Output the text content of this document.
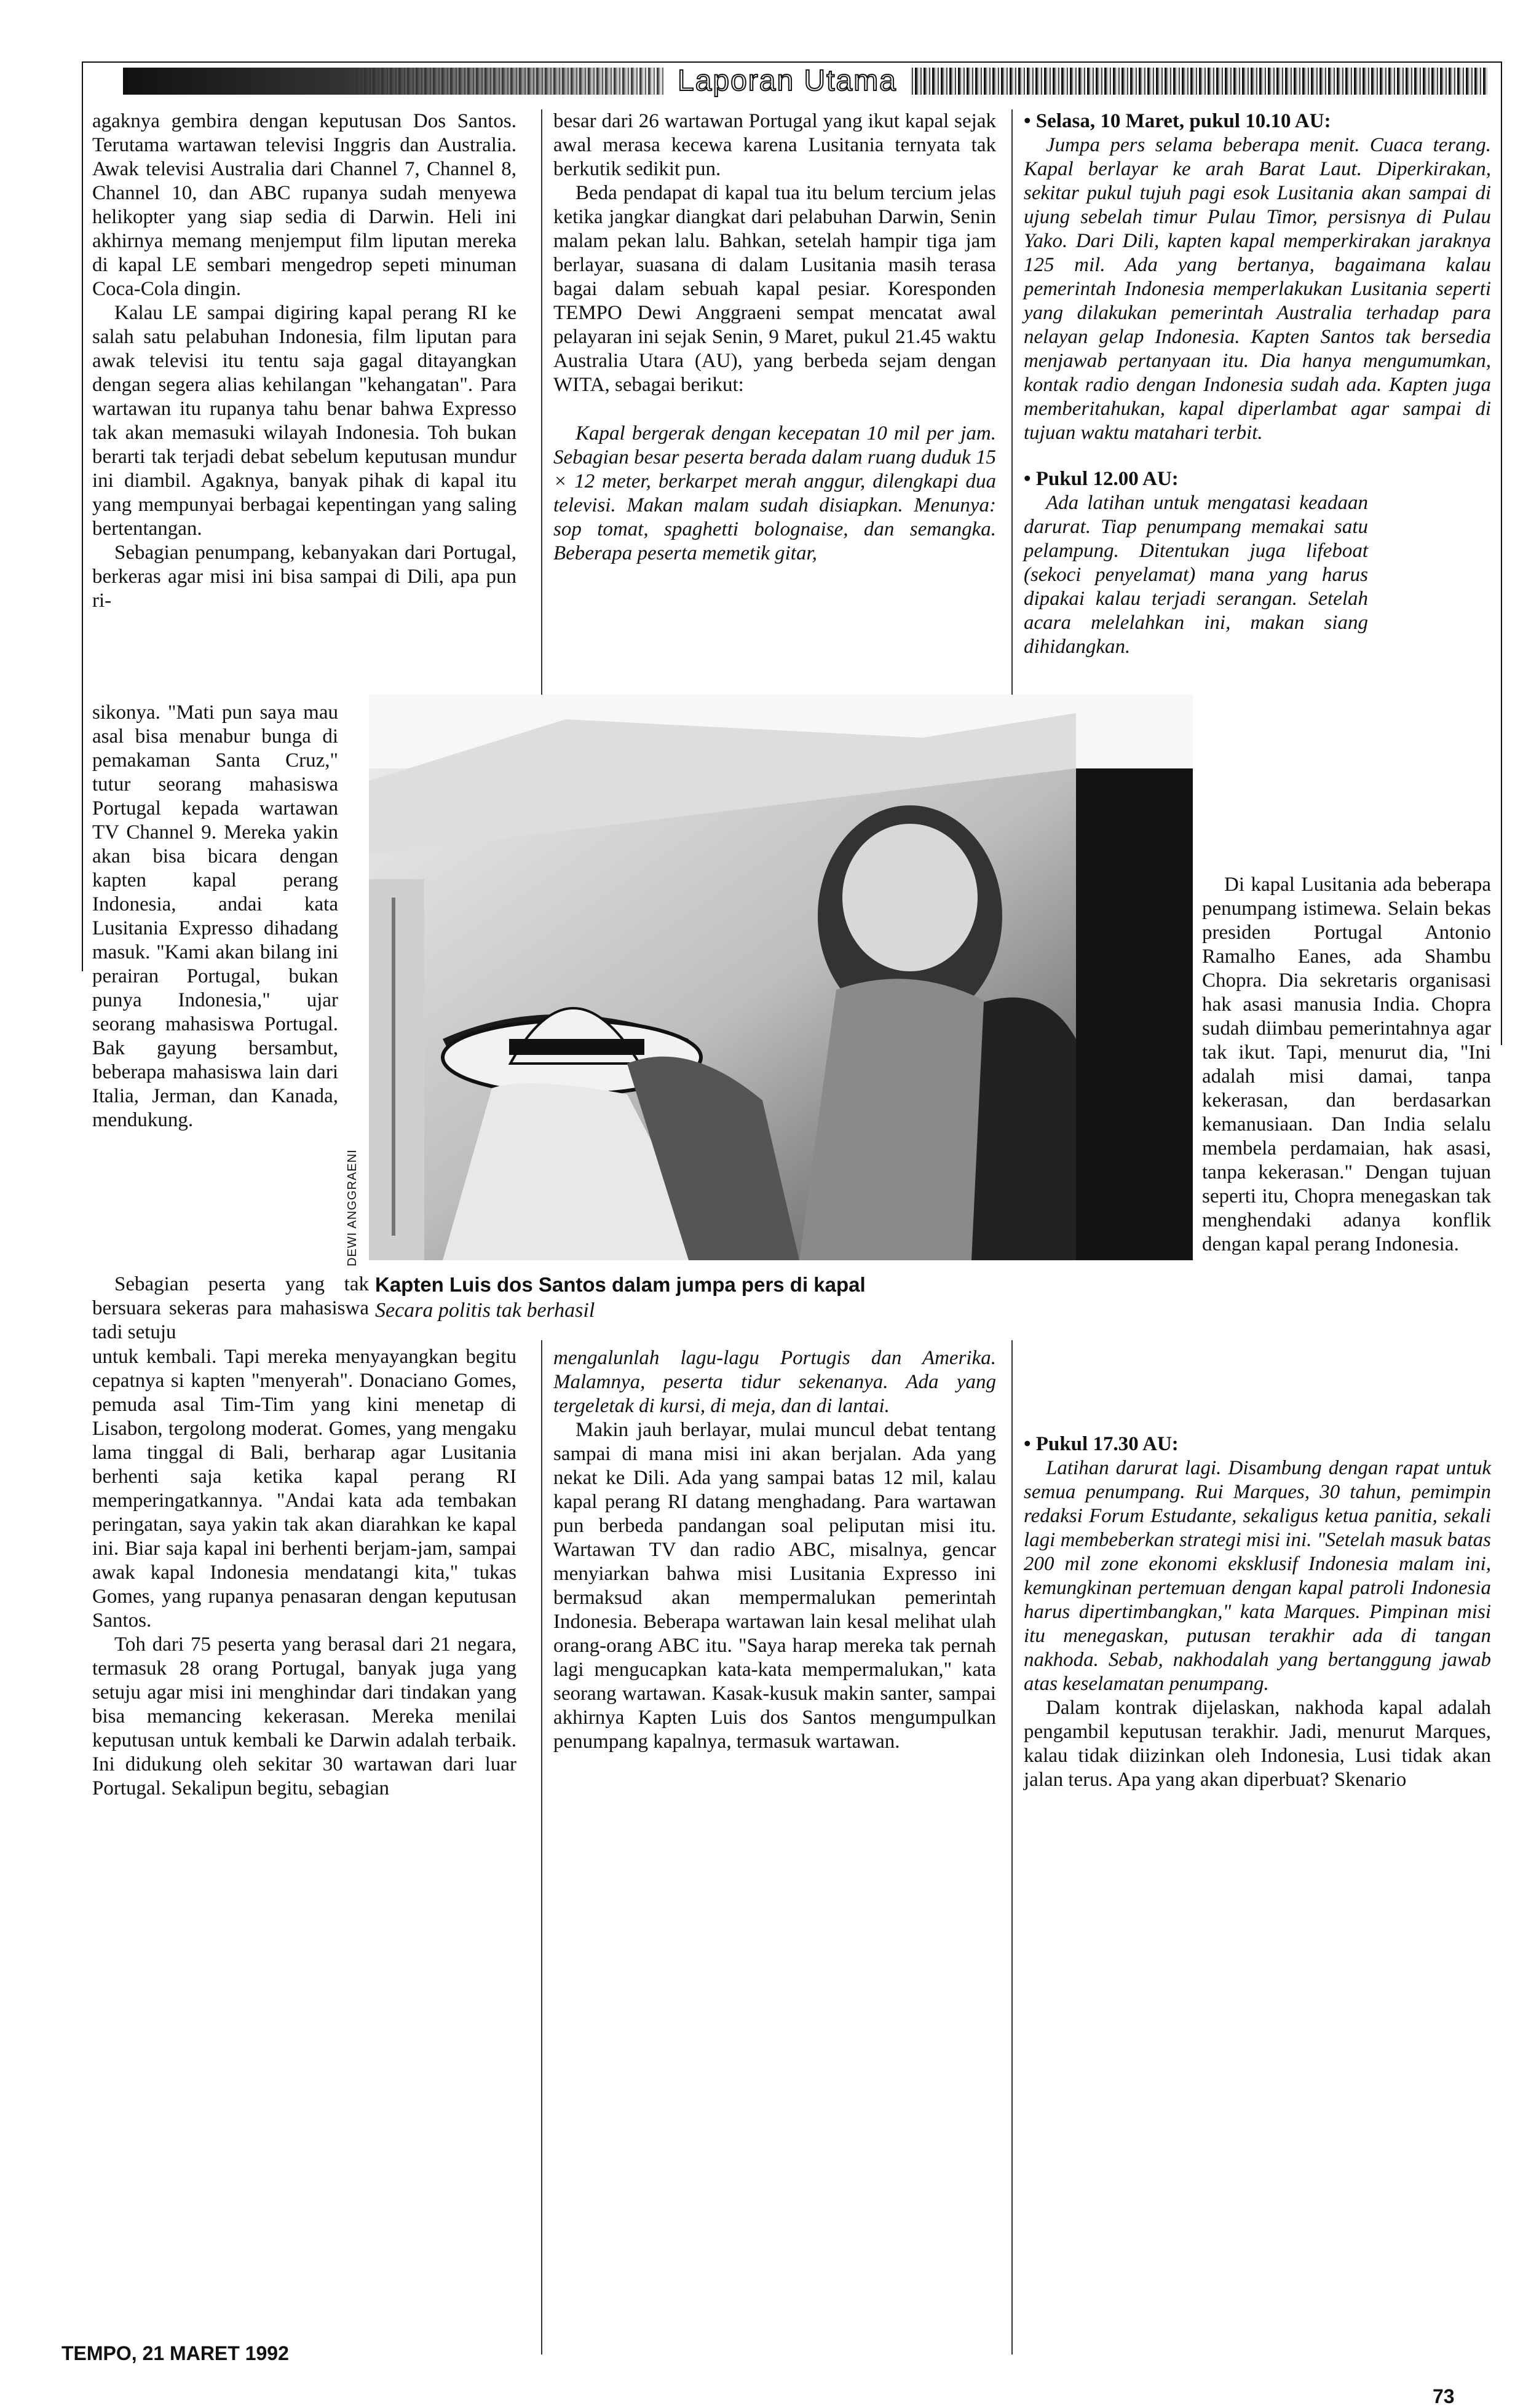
Laporan Utama

agaknya gembira dengan keputusan Dos Santos. Terutama wartawan televisi Inggris dan Australia. Awak televisi Australia dari Channel 7, Channel 8, Channel 10, dan ABC rupanya sudah menyewa helikopter yang siap sedia di Darwin. Heli ini akhirnya memang menjemput film liputan mereka di kapal LE sembari mengedrop sepeti minuman Coca-Cola dingin.

Kalau LE sampai digiring kapal perang RI ke salah satu pelabuhan Indonesia, film liputan para awak televisi itu tentu saja gagal ditayangkan dengan segera alias kehilangan "kehangatan". Para wartawan itu rupanya tahu benar bahwa Expresso tak akan memasuki wilayah Indonesia. Toh bukan berarti tak terjadi debat sebelum keputusan mundur ini diambil. Agaknya, banyak pihak di kapal itu yang mempunyai berbagai kepentingan yang saling bertentangan.

Sebagian penumpang, kebanyakan dari Portugal, berkeras agar misi ini bisa sampai di Dili, apa pun ri-

sikonya. "Mati pun saya mau asal bisa menabur bunga di pemakaman Santa Cruz," tutur seorang mahasiswa Portugal kepada wartawan TV Channel 9. Mereka yakin akan bisa bicara dengan kapten kapal perang Indonesia, andai kata Lusitania Expresso dihadang masuk. "Kami akan bilang ini perairan Portugal, bukan punya Indonesia," ujar seorang mahasiswa Portugal. Bak gayung bersambut, beberapa mahasiswa lain dari Italia, Jerman, dan Kanada, mendukung.

Sebagian peserta yang tak bersuara sekeras para mahasiswa tadi setuju

untuk kembali. Tapi mereka menyayangkan begitu cepatnya si kapten "menyerah". Donaciano Gomes, pemuda asal Tim-Tim yang kini menetap di Lisabon, tergolong moderat. Gomes, yang mengaku lama tinggal di Bali, berharap agar Lusitania berhenti saja ketika kapal perang RI memperingatkannya. "Andai kata ada tembakan peringatan, saya yakin tak akan diarahkan ke kapal ini. Biar saja kapal ini berhenti berjam-jam, sampai awak kapal Indonesia mendatangi kita," tukas Gomes, yang rupanya penasaran dengan keputusan Santos.

Toh dari 75 peserta yang berasal dari 21 negara, termasuk 28 orang Portugal, banyak juga yang setuju agar misi ini menghindar dari tindakan yang bisa memancing kekerasan. Mereka menilai keputusan untuk kembali ke Darwin adalah terbaik. Ini didukung oleh sekitar 30 wartawan dari luar Portugal. Sekalipun begitu, sebagian

besar dari 26 wartawan Portugal yang ikut kapal sejak awal merasa kecewa karena Lusitania ternyata tak berkutik sedikit pun.

Beda pendapat di kapal tua itu belum tercium jelas ketika jangkar diangkat dari pelabuhan Darwin, Senin malam pekan lalu. Bahkan, setelah hampir tiga jam berlayar, suasana di dalam Lusitania masih terasa bagai dalam sebuah kapal pesiar. Koresponden TEMPO Dewi Anggraeni sempat mencatat awal pelayaran ini sejak Senin, 9 Maret, pukul 21.45 waktu Australia Utara (AU), yang berbeda sejam dengan WITA, sebagai berikut:

Kapal bergerak dengan kecepatan 10 mil per jam. Sebagian besar peserta berada dalam ruang duduk 15 × 12 meter, berkarpet merah anggur, dilengkapi dua televisi. Makan malam sudah disiapkan. Menunya: sop tomat, spaghetti bolognaise, dan semangka. Beberapa peserta memetik gitar,

mengalunlah lagu-lagu Portugis dan Amerika. Malamnya, peserta tidur sekenanya. Ada yang tergeletak di kursi, di meja, dan di lantai.

Makin jauh berlayar, mulai muncul debat tentang sampai di mana misi ini akan berjalan. Ada yang nekat ke Dili. Ada yang sampai batas 12 mil, kalau kapal perang RI datang menghadang. Para wartawan pun berbeda pandangan soal peliputan misi itu. Wartawan TV dan radio ABC, misalnya, gencar menyiarkan bahwa misi Lusitania Expresso ini bermaksud akan mempermalukan pemerintah Indonesia. Beberapa wartawan lain kesal melihat ulah orang-orang ABC itu. "Saya harap mereka tak pernah lagi mengucapkan kata-kata mempermalukan," kata seorang wartawan. Kasak-kusuk makin santer, sampai akhirnya Kapten Luis dos Santos mengumpulkan penumpang kapalnya, termasuk wartawan.

• Selasa, 10 Maret, pukul 10.10 AU:

Jumpa pers selama beberapa menit. Cuaca terang. Kapal berlayar ke arah Barat Laut. Diperkirakan, sekitar pukul tujuh pagi esok Lusitania akan sampai di ujung sebelah timur Pulau Timor, persisnya di Pulau Yako. Dari Dili, kapten kapal memperkirakan jaraknya 125 mil. Ada yang bertanya, bagaimana kalau pemerintah Indonesia memperlakukan Lusitania seperti yang dilakukan pemerintah Australia terhadap para nelayan gelap Indonesia. Kapten Santos tak bersedia menjawab pertanyaan itu. Dia hanya mengumumkan, kontak radio dengan Indonesia sudah ada. Kapten juga memberitahukan, kapal diperlambat agar sampai di tujuan waktu matahari terbit.

• Pukul 12.00 AU:

Ada latihan untuk mengatasi keadaan darurat. Tiap penumpang memakai satu pelampung. Ditentukan juga lifeboat (sekoci penyelamat) mana yang harus dipakai kalau terjadi serangan. Setelah acara melelahkan ini, makan siang dihidangkan.

Di kapal Lusitania ada beberapa penumpang istimewa. Selain bekas presiden Portugal Antonio Ramalho Eanes, ada Shambu Chopra. Dia sekretaris organisasi hak asasi manusia India. Chopra sudah diimbau pemerintahnya agar tak ikut. Tapi, menurut dia, "Ini adalah misi damai, tanpa kekerasan, dan berdasarkan kemanusiaan. Dan India selalu membela perdamaian, hak asasi, tanpa kekerasan." Dengan tujuan seperti itu, Chopra menegaskan tak menghendaki adanya konflik dengan kapal perang Indonesia.

• Pukul 17.30 AU:

Latihan darurat lagi. Disambung dengan rapat untuk semua penumpang. Rui Marques, 30 tahun, pemimpin redaksi Forum Estudante, sekaligus ketua panitia, sekali lagi membeberkan strategi misi ini. "Setelah masuk batas 200 mil zone ekonomi eksklusif Indonesia malam ini, kemungkinan pertemuan dengan kapal patroli Indonesia harus dipertimbangkan," kata Marques. Pimpinan misi itu menegaskan, putusan terakhir ada di tangan nakhoda. Sebab, nakhodalah yang bertanggung jawab atas keselamatan penumpang.

Dalam kontrak dijelaskan, nakhoda kapal adalah pengambil keputusan terakhir. Jadi, menurut Marques, kalau tidak diizinkan oleh Indonesia, Lusi tidak akan jalan terus. Apa yang akan diperbuat? Skenario

DEWI ANGGRAENI
Kapten Luis dos Santos dalam jumpa pers di kapal
Secara politis tak berhasil
TEMPO, 21 MARET 1992
73
